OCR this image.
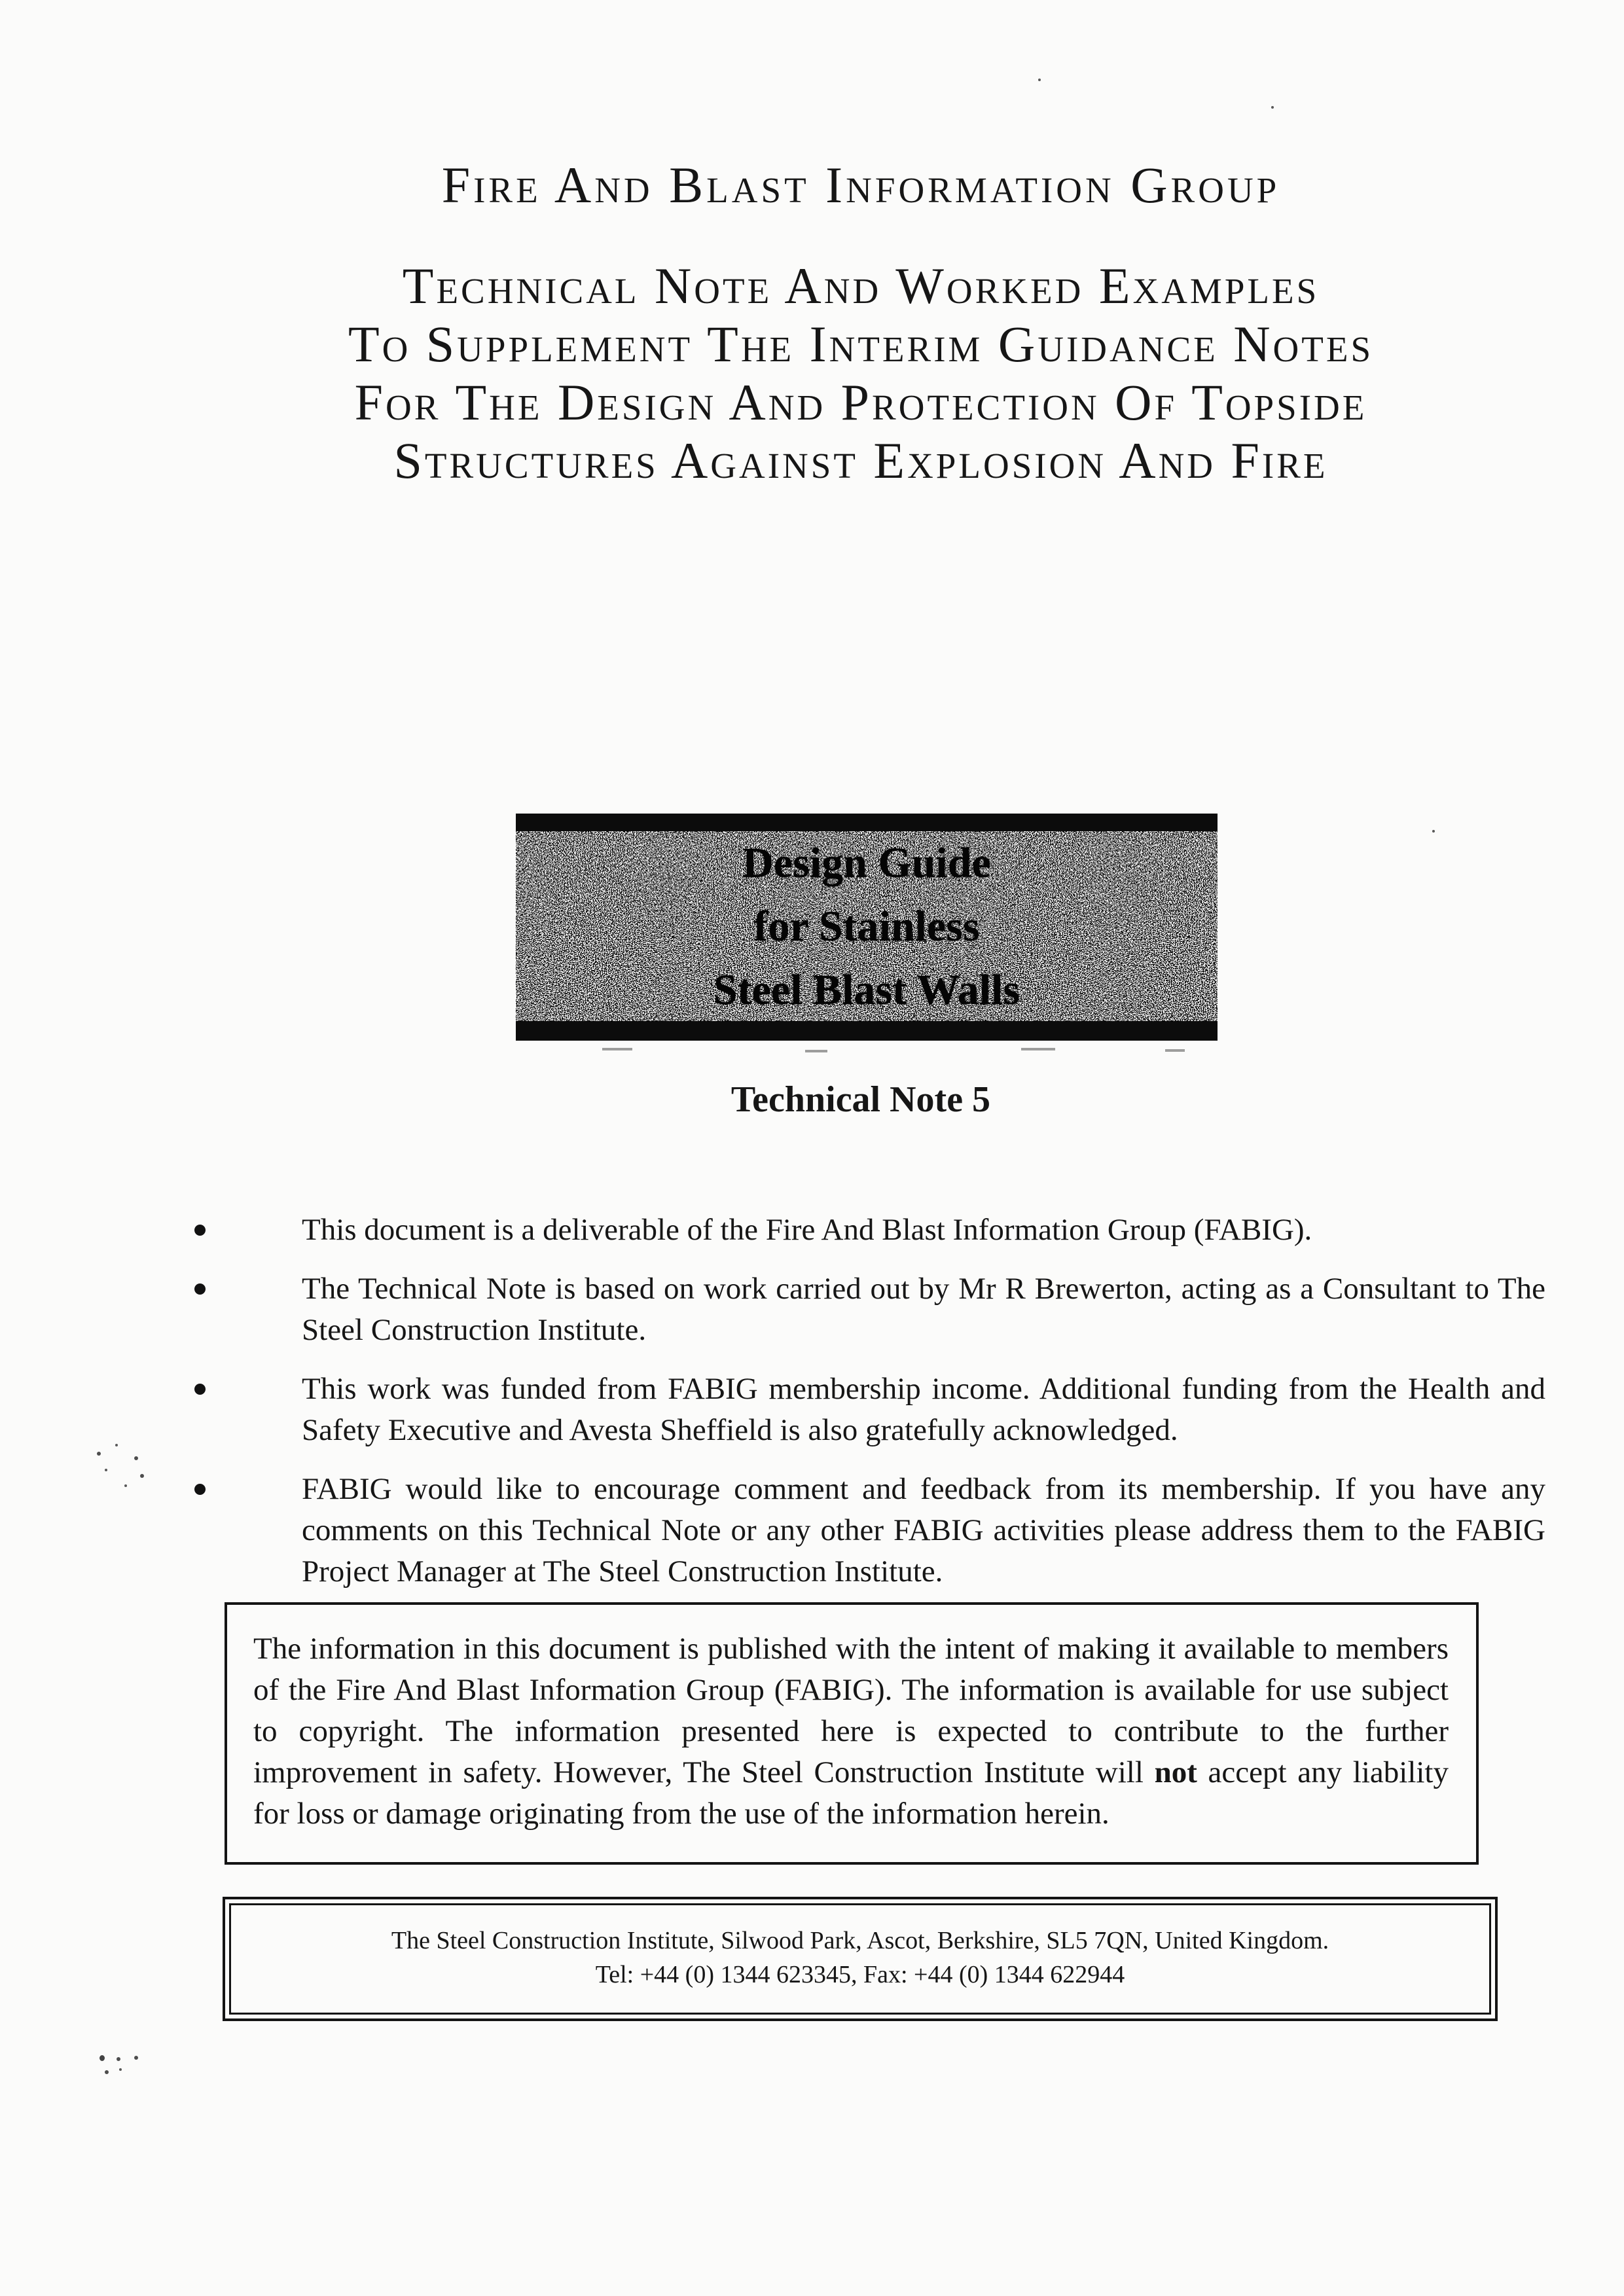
Fire And Blast Information Group
Technical Note And Worked Examples
To Supplement The Interim Guidance Notes
For The Design And Protection Of Topside
Structures Against Explosion And Fire
Technical Note 5
Design Guide
for Stainless
Steel Blast Walls
This document is a deliverable of the Fire And Blast Information Group (FABIG).
The Technical Note is based on work carried out by Mr R Brewerton, acting as a Consultant to The Steel Construction Institute.
This work was funded from FABIG membership income. Additional funding from the Health and Safety Executive and Avesta Sheffield is also gratefully acknowledged.
FABIG would like to encourage comment and feedback from its membership. If you have any comments on this Technical Note or any other FABIG activities please address them to the FABIG Project Manager at The Steel Construction Institute.
The information in this document is published with the intent of making it available to members of the Fire And Blast Information Group (FABIG). The information is available for use subject to copyright. The information presented here is expected to contribute to the further improvement in safety. However, The Steel Construction Institute will not accept any liability for loss or damage originating from the use of the information herein.
The Steel Construction Institute, Silwood Park, Ascot, Berkshire, SL5 7QN, United Kingdom.
Tel: +44 (0) 1344 623345, Fax: +44 (0) 1344 622944
